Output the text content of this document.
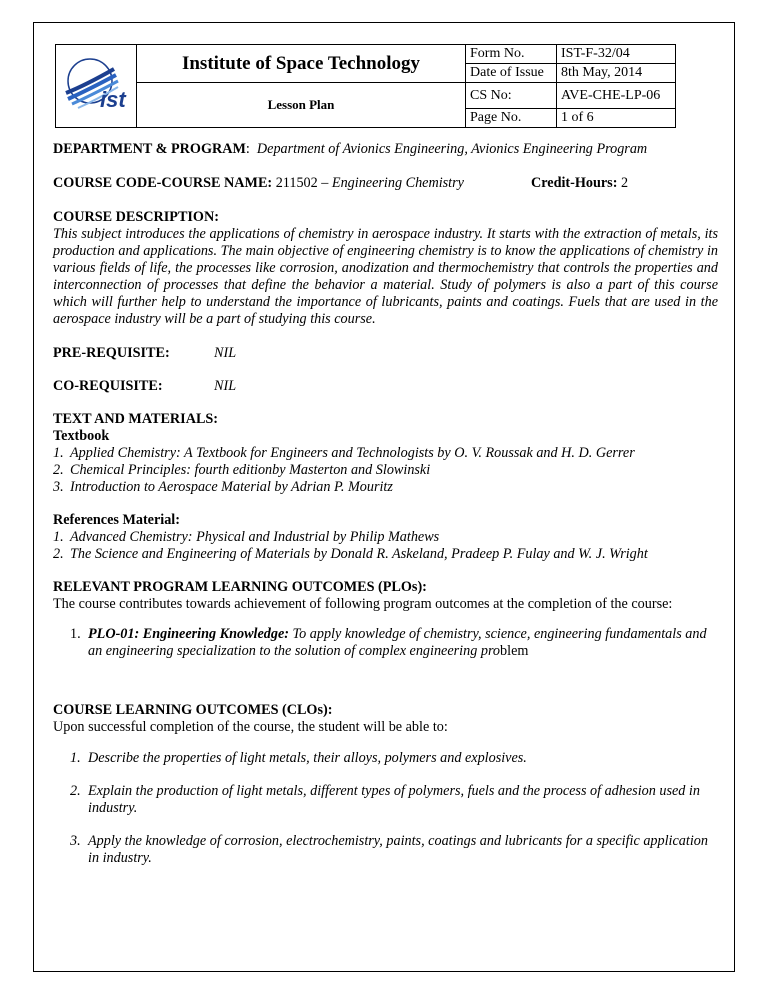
ist	Institute of Space Technology	Form No.	IST-F-32/04
		Date of Issue	8th May, 2014
	Lesson Plan	CS No:	AVE-CHE-LP-06
		Page No.	1 of 6

DEPARTMENT & PROGRAM: Department of Avionics Engineering, Avionics Engineering Program

COURSE CODE-COURSE NAME: 211502 – Engineering Chemistry	Credit-Hours: 2

COURSE DESCRIPTION:

This subject introduces the applications of chemistry in aerospace industry. It starts with the extraction of metals, its production and applications. The main objective of engineering chemistry is to know the applications of chemistry in various fields of life, the processes like corrosion, anodization and thermochemistry that controls the properties and interconnection of processes that define the behavior a material. Study of polymers is also a part of this course which will further help to understand the importance of lubricants, paints and coatings. Fuels that are used in the aerospace industry will be a part of studying this course.

PRE-REQUISITE:	NIL

CO-REQUISITE:	NIL

TEXT AND MATERIALS:

Textbook

1. Applied Chemistry: A Textbook for Engineers and Technologists by O. V. Roussak and H. D. Gerrer
2. Chemical Principles: fourth editionby Masterton and Slowinski
3. Introduction to Aerospace Material by Adrian P. Mouritz

References Material:

1. Advanced Chemistry: Physical and Industrial by Philip Mathews
2. The Science and Engineering of Materials by Donald R. Askeland, Pradeep P. Fulay and W. J. Wright

RELEVANT PROGRAM LEARNING OUTCOMES (PLOs):

The course contributes towards achievement of following program outcomes at the completion of the course:

1. PLO-01: Engineering Knowledge: To apply knowledge of chemistry, science, engineering fundamentals and an engineering specialization to the solution of complex engineering problem

COURSE LEARNING OUTCOMES (CLOs):

Upon successful completion of the course, the student will be able to:

1. Describe the properties of light metals, their alloys, polymers and explosives.
2. Explain the production of light metals, different types of polymers, fuels and the process of adhesion used in industry.
3. Apply the knowledge of corrosion, electrochemistry, paints, coatings and lubricants for a specific application in industry.
